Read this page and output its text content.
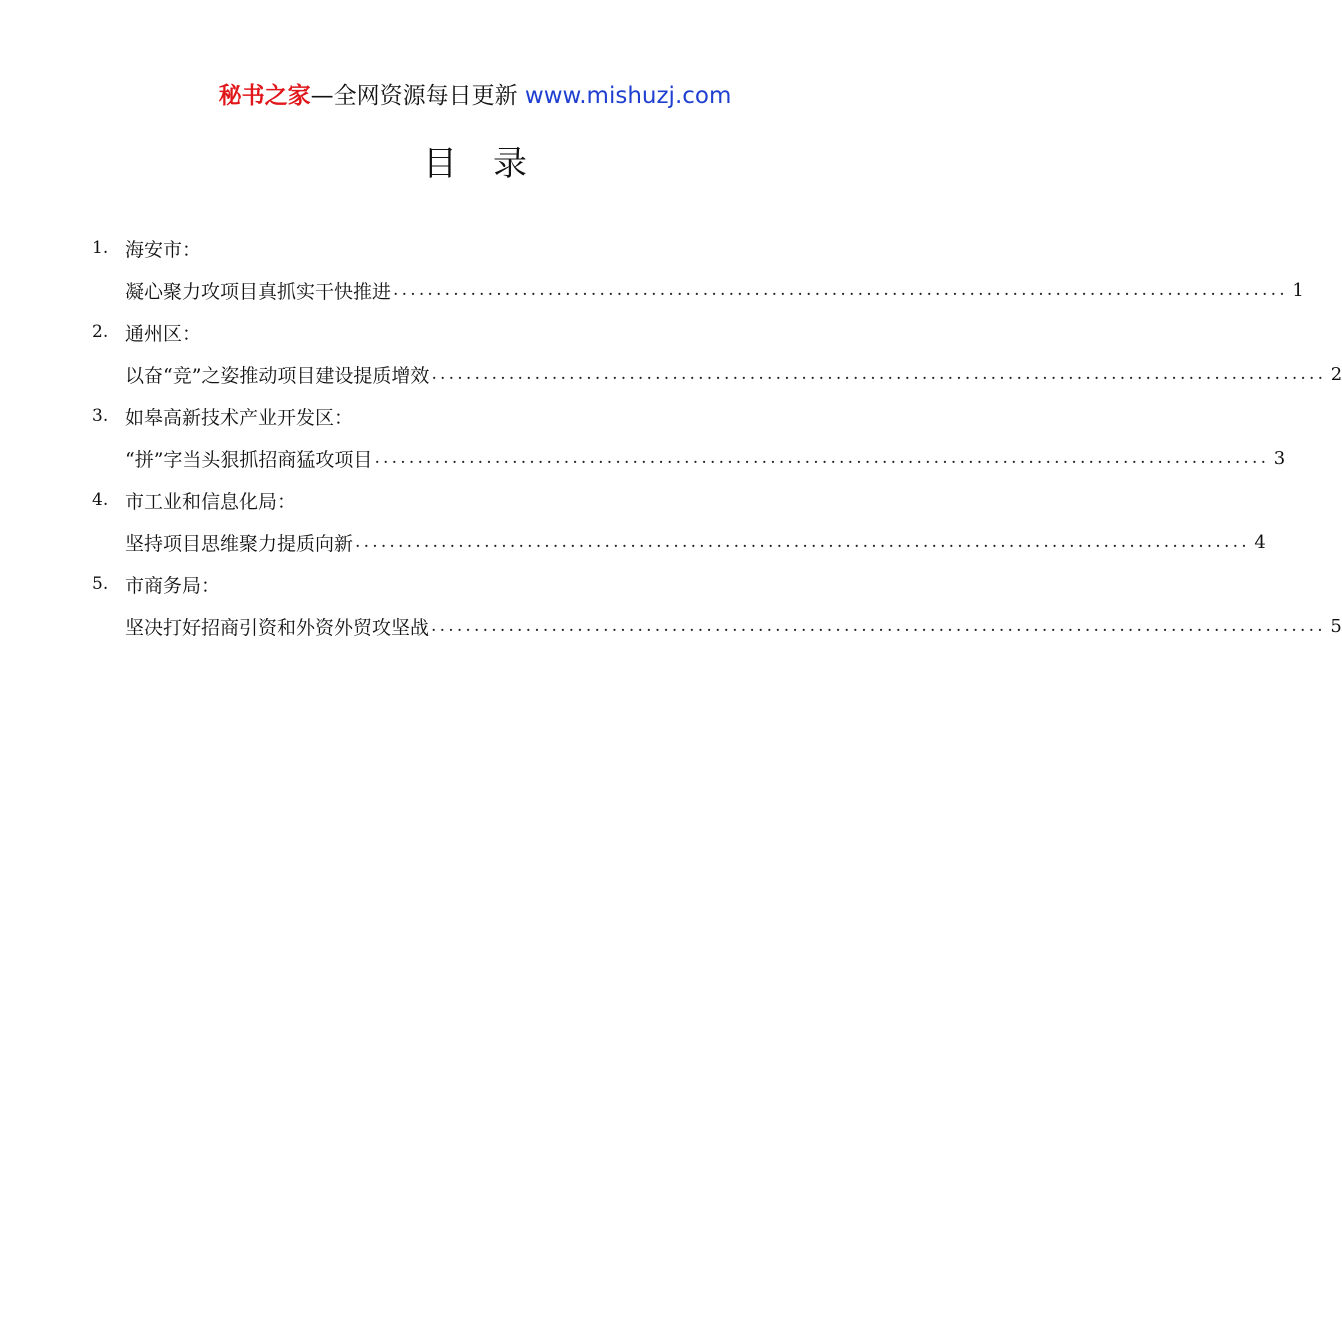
秘书之家—全网资源每日更新 www.mishuzj.com
目录
1. 海安市：
凝心聚力攻项目真抓实干快推进 ........................................................................................................ 1
2. 通州区：
以奋“竞”之姿推动项目建设提质增效 ........................................................................................................ 2
3. 如皋高新技术产业开发区：
“拼”字当头狠抓招商猛攻项目 ........................................................................................................ 3
4. 市工业和信息化局：
坚持项目思维聚力提质向新 ........................................................................................................ 4
5. 市商务局：
坚决打好招商引资和外资外贸攻坚战 ........................................................................................................ 5
